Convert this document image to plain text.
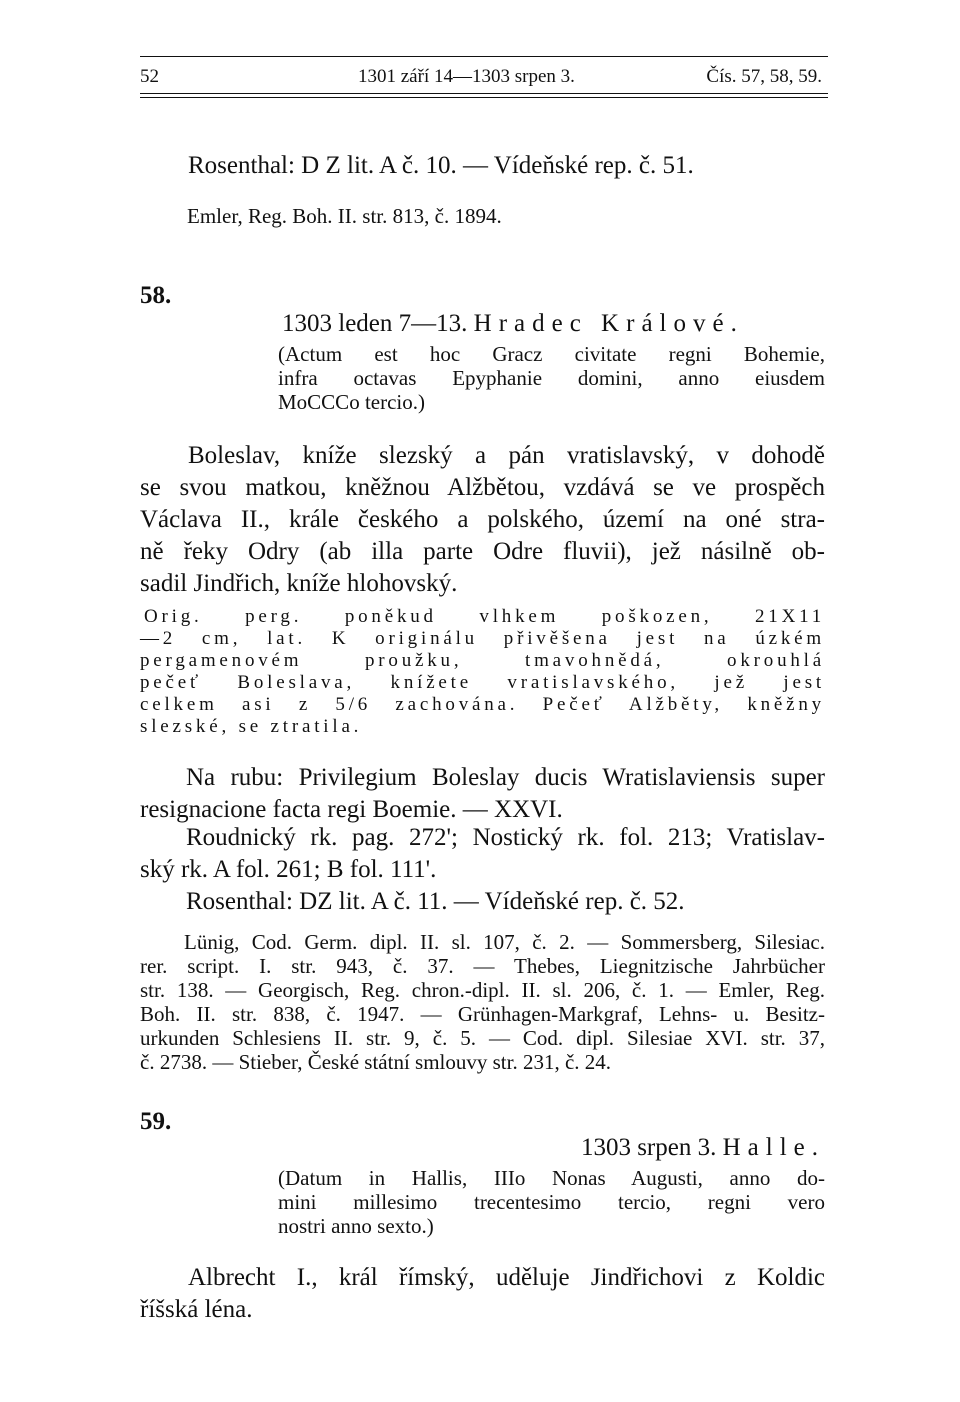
52	1301 září 14—1303 srpen 3.	Čís. 57, 58, 59.
Rosenthal: D Z lit. A č. 10. — Vídeňské rep. č. 51.
Emler, Reg. Boh. II. str. 813, č. 1894.
58.
1303 leden 7—13. Hradec Králové.
(Actum est hoc Gracz civitate regni Bohemie,
infra octavas Epyphanie domini, anno eiusdem
MoCCCo tercio.)
Boleslav, kníže slezský a pán vratislavský, v dohodě
se svou matkou, kněžnou Alžbětou, vzdává se ve prospěch
Václava II., krále českého a polského, území na oné stra-
ně řeky Odry (ab illa parte Odre fluvii), jež násilně ob-
sadil Jindřich, kníže hlohovský.
Orig. perg. poněkud vlhkem poškozen, 21X11
—2 cm, lat. K originálu přivěšena jest na úzkém
pergamenovém proužku, tmavohnědá, okrouhlá
pečeť Boleslava, knížete vratislavského, jež jest
celkem asi z 5/6 zachována. Pečeť Alžběty, kněžny
slezské, se ztratila.
Na rubu: Privilegium Boleslay ducis Wratislaviensis super
resignacione facta regi Boemie. — XXVI.
Roudnický rk. pag. 272'; Nostický rk. fol. 213; Vratislav-
ský rk. A fol. 261; B fol. 111'.
Rosenthal: DZ lit. A č. 11. — Vídeňské rep. č. 52.
Lünig, Cod. Germ. dipl. II. sl. 107, č. 2. — Sommersberg, Silesiac.
rer. script. I. str. 943, č. 37. — Thebes, Liegnitzische Jahrbücher
str. 138. — Georgisch, Reg. chron.-dipl. II. sl. 206, č. 1. — Emler, Reg.
Boh. II. str. 838, č. 1947. — Grünhagen-Markgraf, Lehns- u. Besitz-
urkunden Schlesiens II. str. 9, č. 5. — Cod. dipl. Silesiae XVI. str. 37,
č. 2738. — Stieber, České státní smlouvy str. 231, č. 24.
59.
1303 srpen 3. Halle.
(Datum in Hallis, IIIo Nonas Augusti, anno do-
mini millesimo trecentesimo tercio, regni vero
nostri anno sexto.)
Albrecht I., král římský, uděluje Jindřichovi z Koldic
říšská léna.
